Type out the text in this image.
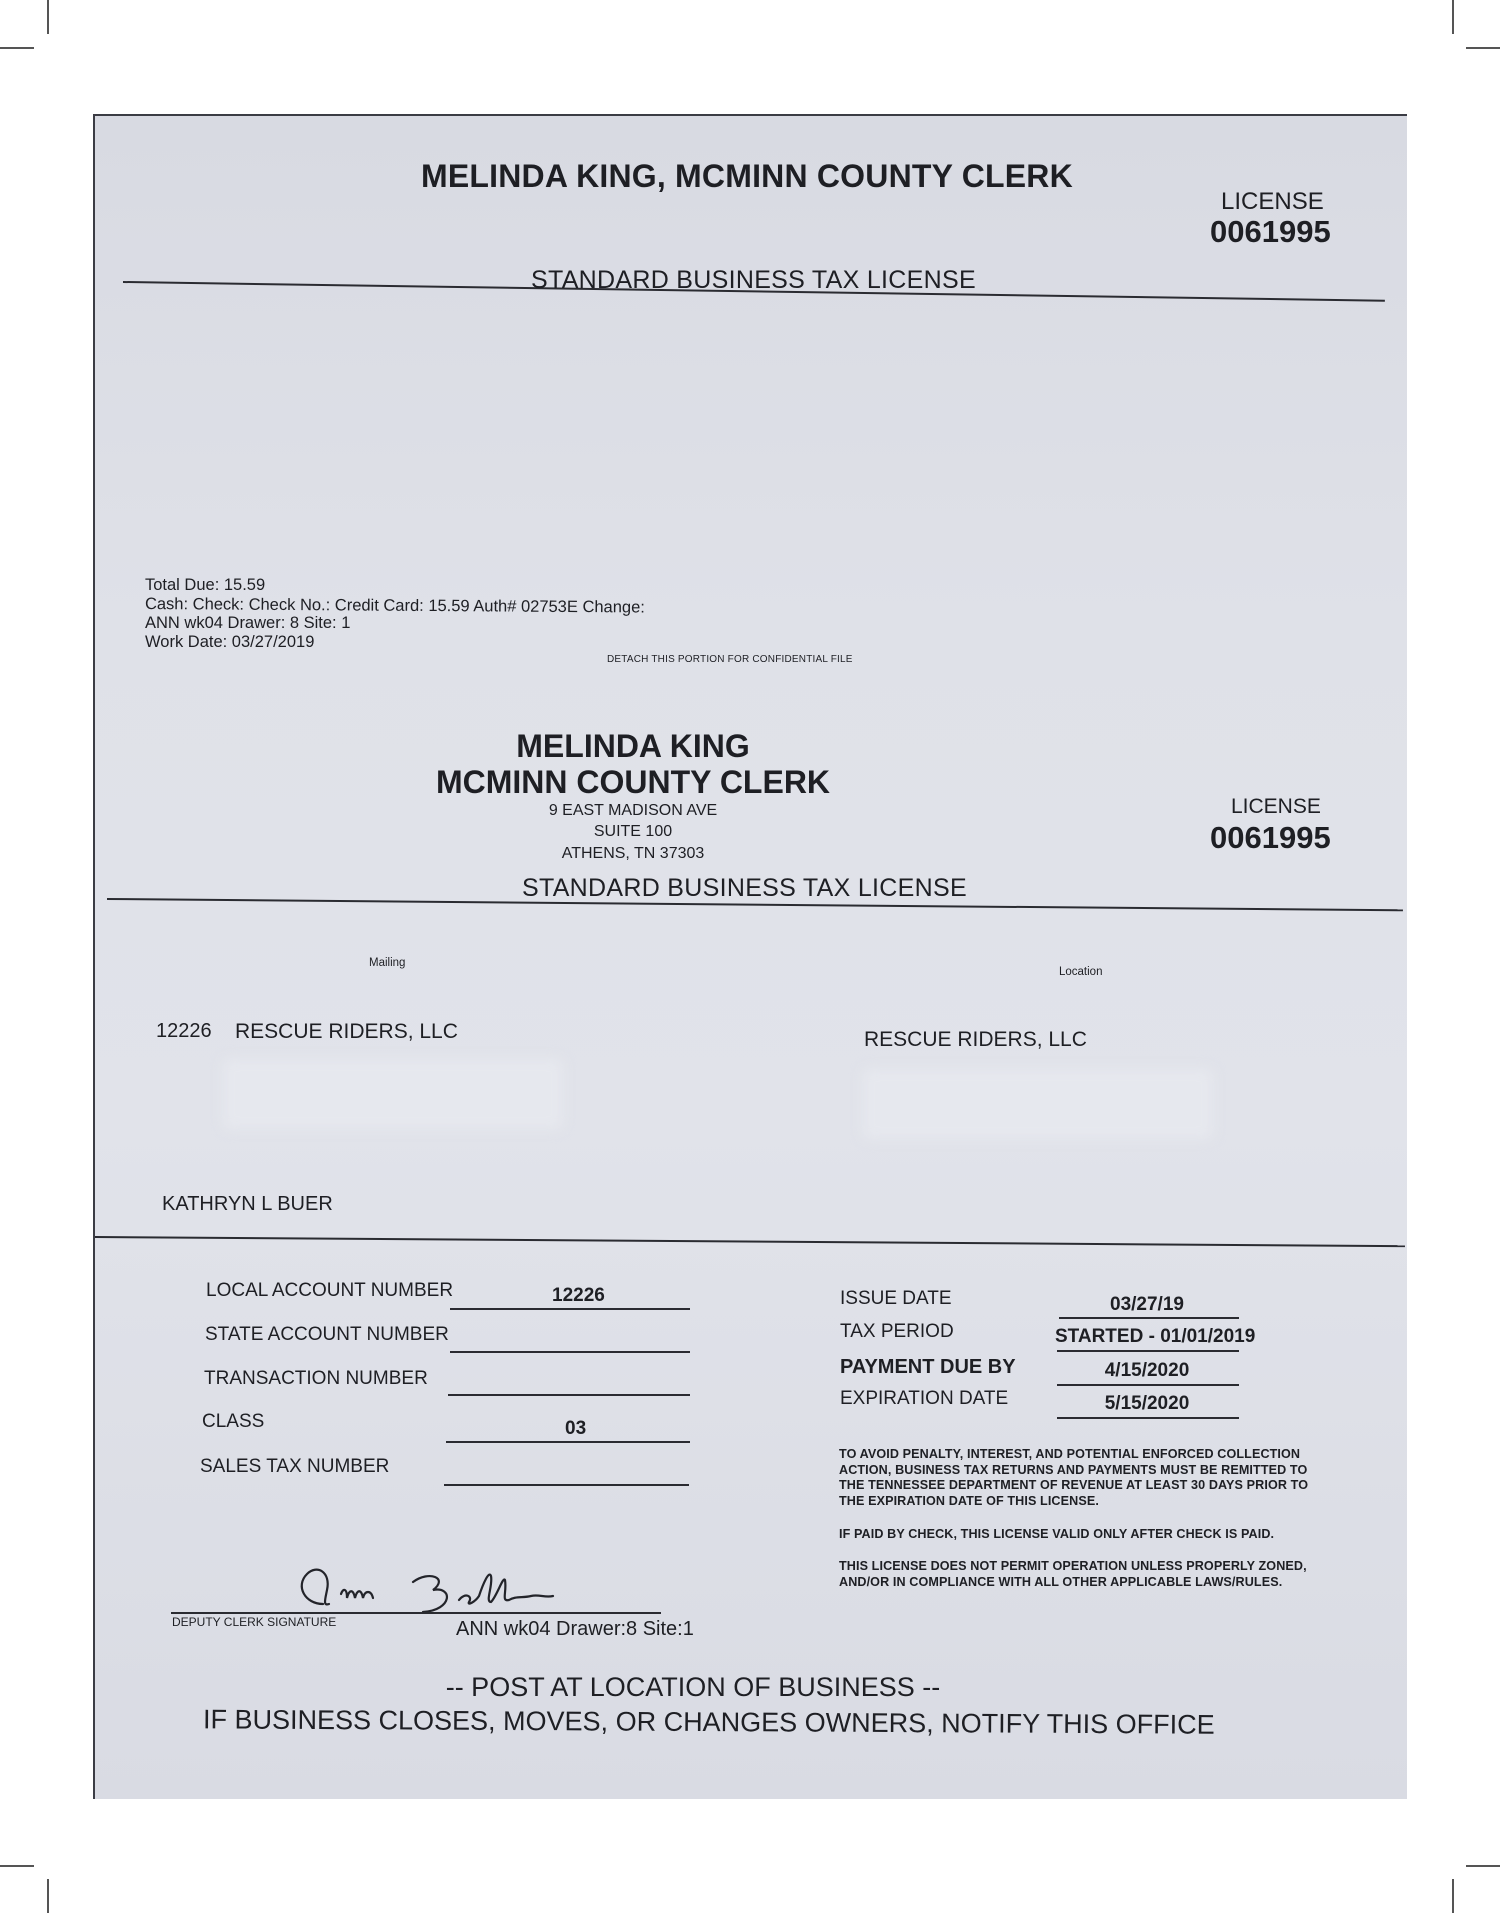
MELINDA KING, MCMINN COUNTY CLERK
LICENSE
0061995
STANDARD BUSINESS TAX LICENSE
Total Due: 15.59
Cash: Check: Check No.: Credit Card: 15.59 Auth# 02753E Change:
ANN wk04 Drawer: 8 Site: 1
Work Date: 03/27/2019
DETACH THIS PORTION FOR CONFIDENTIAL FILE
MELINDA KING
MCMINN COUNTY CLERK
9 EAST MADISON AVE
SUITE 100
ATHENS, TN 37303
LICENSE
0061995
STANDARD BUSINESS TAX LICENSE
Mailing
Location
12226 RESCUE RIDERS, LLC	RESCUE RIDERS, LLC
KATHRYN L BUER
LOCAL ACCOUNT NUMBER	12226
STATE ACCOUNT NUMBER
TRANSACTION NUMBER
CLASS	03
SALES TAX NUMBER
ISSUE DATE	03/27/19
TAX PERIOD	STARTED - 01/01/2019
PAYMENT DUE BY	4/15/2020
EXPIRATION DATE	5/15/2020
TO AVOID PENALTY, INTEREST, AND POTENTIAL ENFORCED COLLECTION ACTION, BUSINESS TAX RETURNS AND PAYMENTS MUST BE REMITTED TO THE TENNESSEE DEPARTMENT OF REVENUE AT LEAST 30 DAYS PRIOR TO THE EXPIRATION DATE OF THIS LICENSE.
IF PAID BY CHECK, THIS LICENSE VALID ONLY AFTER CHECK IS PAID.
THIS LICENSE DOES NOT PERMIT OPERATION UNLESS PROPERLY ZONED, AND/OR IN COMPLIANCE WITH ALL OTHER APPLICABLE LAWS/RULES.
DEPUTY CLERK SIGNATURE	ANN wk04 Drawer:8 Site:1
-- POST AT LOCATION OF BUSINESS --
IF BUSINESS CLOSES, MOVES, OR CHANGES OWNERS, NOTIFY THIS OFFICE
